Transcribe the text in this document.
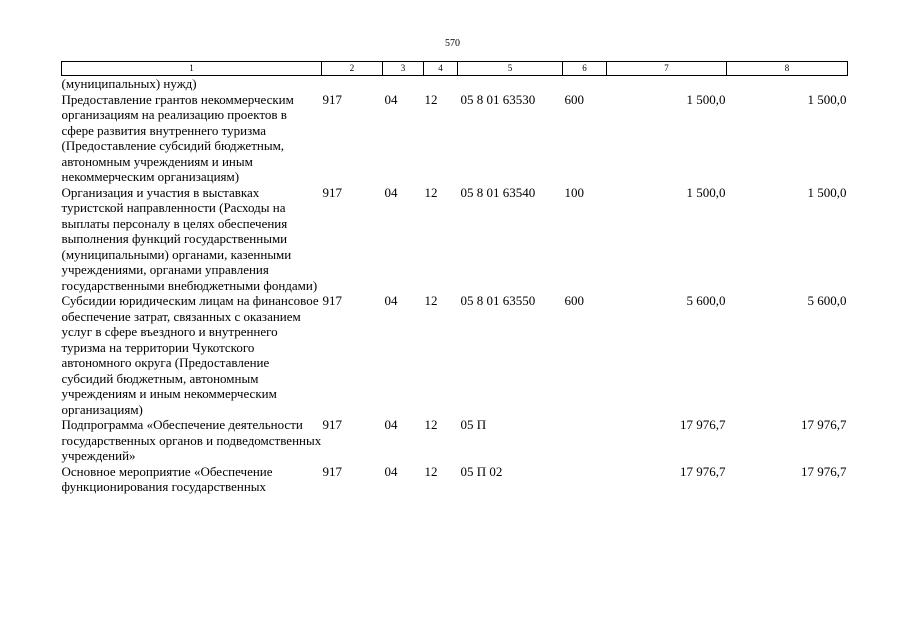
570
1	2	3	4	5	6	7	8
(муниципальных) нужд)							
Предоставление грантов некоммерческим организациям на реализацию проектов в сфере развития внутреннего туризма (Предоставление субсидий бюджетным, автономным учреждениям и иным некоммерческим организациям)	917	04	12	05 8 01 63530	600	1 500,0	1 500,0
Организация и участия в выставках туристской направленности (Расходы на выплаты персоналу в целях обеспечения выполнения функций государственными (муниципальными) органами, казенными учреждениями, органами управления государственными внебюджетными фондами)	917	04	12	05 8 01 63540	100	1 500,0	1 500,0
Субсидии юридическим лицам на финансовое обеспечение затрат, связанных с оказанием услуг в сфере въездного и внутреннего туризма на территории Чукотского автономного округа (Предоставление субсидий бюджетным, автономным учреждениям и иным некоммерческим организациям)	917	04	12	05 8 01 63550	600	5 600,0	5 600,0
Подпрограмма «Обеспечение деятельности государственных органов и подведомственных учреждений»	917	04	12	05 П		17 976,7	17 976,7
Основное мероприятие «Обеспечение функционирования государственных	917	04	12	05 П 02		17 976,7	17 976,7
